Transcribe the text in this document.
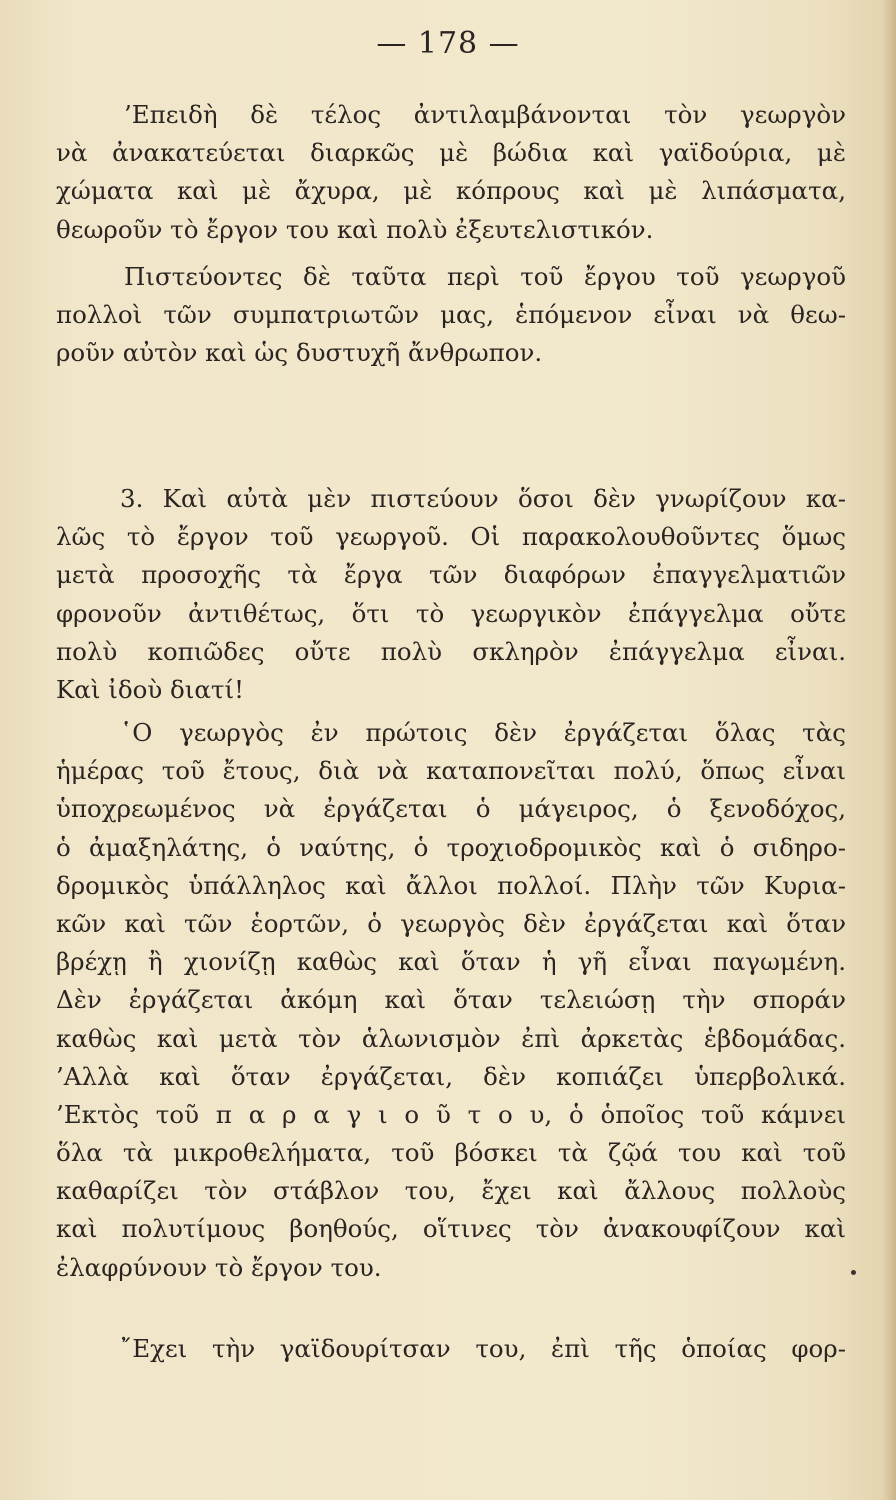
— 178 —
’Επειδὴ δὲ τέλος ἀντιλαμβάνονται τὸν γεωργὸν
νὰ ἀνακατεύεται διαρκῶς μὲ βώδια καὶ γαϊδούρια, μὲ
χώματα καὶ μὲ ἄχυρα, μὲ κόπρους καὶ μὲ λιπάσματα,
θεωροῦν τὸ ἔργον του καὶ πολὺ ἐξευτελιστικόν.
Πιστεύοντες δὲ ταῦτα περὶ τοῦ ἔργου τοῦ γεωργοῦ
πολλοὶ τῶν συμπατριωτῶν μας, ἑπόμενον εἶναι νὰ θεω-
ροῦν αὐτὸν καὶ ὡς δυστυχῆ ἄνθρωπον.
3. Καὶ αὐτὰ μὲν πιστεύουν ὅσοι δὲν γνωρίζουν κα-
λῶς τὸ ἔργον τοῦ γεωργοῦ. Οἱ παρακολουθοῦντες ὅμως
μετὰ προσοχῆς τὰ ἔργα τῶν διαφόρων ἐπαγγελματιῶν
φρονοῦν ἀντιθέτως, ὅτι τὸ γεωργικὸν ἐπάγγελμα οὔτε
πολὺ κοπιῶδες οὔτε πολὺ σκληρὸν ἐπάγγελμα εἶναι.
Καὶ ἰδοὺ διατί!
῾Ο γεωργὸς ἐν πρώτοις δὲν ἐργάζεται ὅλας τὰς
ἡμέρας τοῦ ἔτους, διὰ νὰ καταπονεῖται πολύ, ὅπως εἶναι
ὑποχρεωμένος νὰ ἐργάζεται ὁ μάγειρος, ὁ ξενοδόχος,
ὁ ἀμαξηλάτης, ὁ ναύτης, ὁ τροχιοδρομικὸς καὶ ὁ σιδηρο-
δρομικὸς ὑπάλληλος καὶ ἄλλοι πολλοί. Πλὴν τῶν Κυρια-
κῶν καὶ τῶν ἑορτῶν, ὁ γεωργὸς δὲν ἐργάζεται καὶ ὅταν
βρέχῃ ἢ χιονίζῃ καθὼς καὶ ὅταν ἡ γῆ εἶναι παγωμένη.
Δὲν ἐργάζεται ἀκόμη καὶ ὅταν τελειώσῃ τὴν σποράν
καθὼς καὶ μετὰ τὸν ἁλωνισμὸν ἐπὶ ἀρκετὰς ἑβδομάδας.
’Αλλὰ καὶ ὅταν ἐργάζεται, δὲν κοπιάζει ὑπερβολικά.
’Εκτὸς τοῦ π α ρ α γ ι ο ῦ τ ο υ, ὁ ὁποῖος τοῦ κάμνει
ὅλα τὰ μικροθελήματα, τοῦ βόσκει τὰ ζῷά του καὶ τοῦ
καθαρίζει τὸν στάβλον του, ἔχει καὶ ἄλλους πολλοὺς
καὶ πολυτίμους βοηθούς, οἵτινες τὸν ἀνακουφίζουν καὶ
ἐλαφρύνουν τὸ ἔργον του.
῎Εχει τὴν γαϊδουρίτσαν του, ἐπὶ τῆς ὁποίας φορ-
